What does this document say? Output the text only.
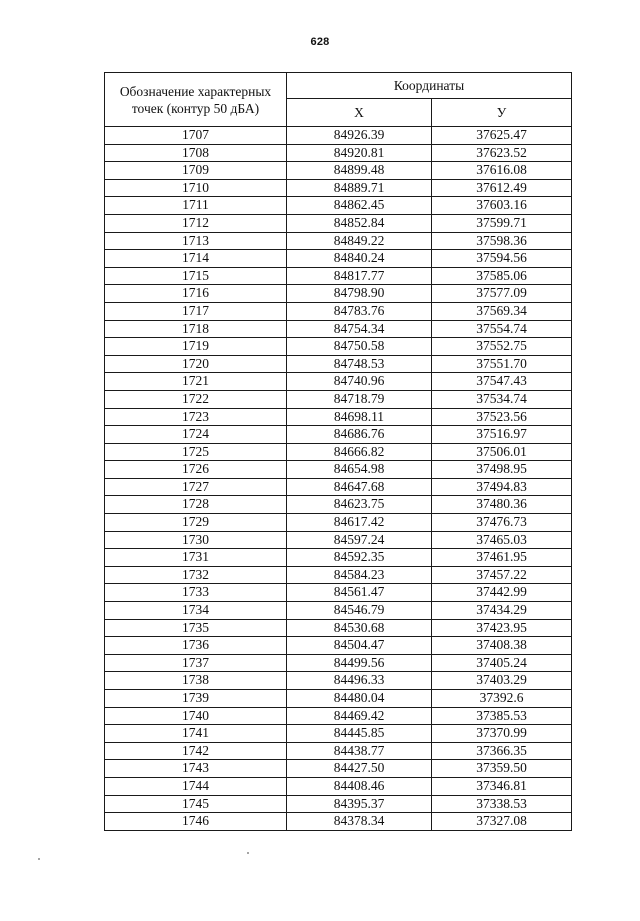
628
Обозначение характерных точек (контур 50 дБА)	Координаты	
	Х	У
1707	84926.39	37625.47
1708	84920.81	37623.52
1709	84899.48	37616.08
1710	84889.71	37612.49
1711	84862.45	37603.16
1712	84852.84	37599.71
1713	84849.22	37598.36
1714	84840.24	37594.56
1715	84817.77	37585.06
1716	84798.90	37577.09
1717	84783.76	37569.34
1718	84754.34	37554.74
1719	84750.58	37552.75
1720	84748.53	37551.70
1721	84740.96	37547.43
1722	84718.79	37534.74
1723	84698.11	37523.56
1724	84686.76	37516.97
1725	84666.82	37506.01
1726	84654.98	37498.95
1727	84647.68	37494.83
1728	84623.75	37480.36
1729	84617.42	37476.73
1730	84597.24	37465.03
1731	84592.35	37461.95
1732	84584.23	37457.22
1733	84561.47	37442.99
1734	84546.79	37434.29
1735	84530.68	37423.95
1736	84504.47	37408.38
1737	84499.56	37405.24
1738	84496.33	37403.29
1739	84480.04	37392.6
1740	84469.42	37385.53
1741	84445.85	37370.99
1742	84438.77	37366.35
1743	84427.50	37359.50
1744	84408.46	37346.81
1745	84395.37	37338.53
1746	84378.34	37327.08
